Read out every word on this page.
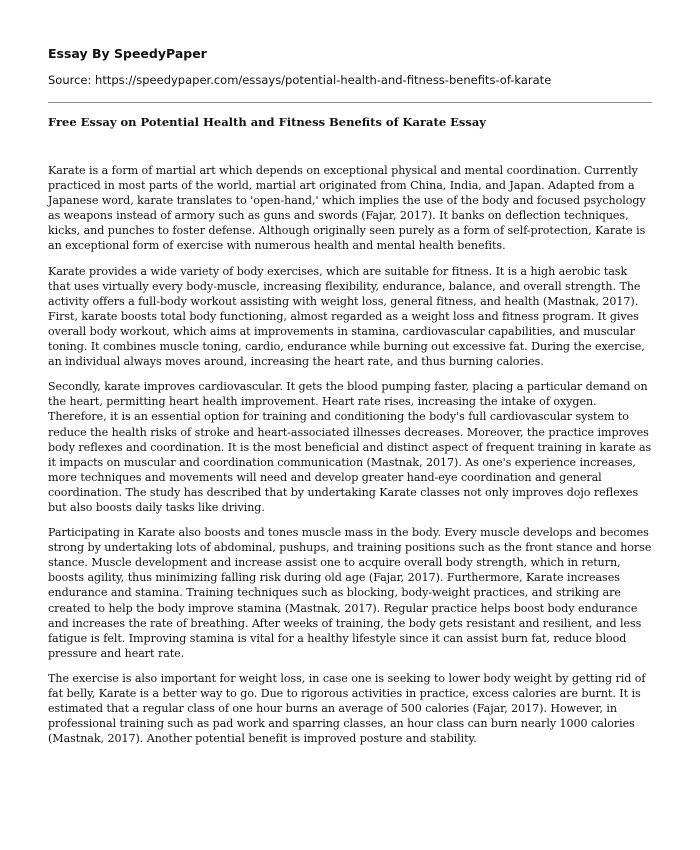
Essay By SpeedyPaper

Source: https://speedypaper.com/essays/potential-health-and-fitness-benefits-of-karate

Free Essay on Potential Health and Fitness Benefits of Karate Essay

Karate is a form of martial art which depends on exceptional physical and mental coordination. Currently practiced in most parts of the world, martial art originated from China, India, and Japan. Adapted from a Japanese word, karate translates to 'open-hand,' which implies the use of the body and focused psychology as weapons instead of armory such as guns and swords (Fajar, 2017). It banks on deflection techniques, kicks, and punches to foster defense. Although originally seen purely as a form of self-protection, Karate is an exceptional form of exercise with numerous health and mental health benefits.

Karate provides a wide variety of body exercises, which are suitable for fitness. It is a high aerobic task that uses virtually every body-muscle, increasing flexibility, endurance, balance, and overall strength. The activity offers a full-body workout assisting with weight loss, general fitness, and health (Mastnak, 2017). First, karate boosts total body functioning, almost regarded as a weight loss and fitness program. It gives overall body workout, which aims at improvements in stamina, cardiovascular capabilities, and muscular toning. It combines muscle toning, cardio, endurance while burning out excessive fat. During the exercise, an individual always moves around, increasing the heart rate, and thus burning calories.

Secondly, karate improves cardiovascular. It gets the blood pumping faster, placing a particular demand on the heart, permitting heart health improvement. Heart rate rises, increasing the intake of oxygen. Therefore, it is an essential option for training and conditioning the body's full cardiovascular system to reduce the health risks of stroke and heart-associated illnesses decreases. Moreover, the practice improves body reflexes and coordination. It is the most beneficial and distinct aspect of frequent training in karate as it impacts on muscular and coordination communication (Mastnak, 2017). As one's experience increases, more techniques and movements will need and develop greater hand-eye coordination and general coordination. The study has described that by undertaking Karate classes not only improves dojo reflexes but also boosts daily tasks like driving.

Participating in Karate also boosts and tones muscle mass in the body. Every muscle develops and becomes strong by undertaking lots of abdominal, pushups, and training positions such as the front stance and horse stance. Muscle development and increase assist one to acquire overall body strength, which in return, boosts agility, thus minimizing falling risk during old age (Fajar, 2017). Furthermore, Karate increases endurance and stamina. Training techniques such as blocking, body-weight practices, and striking are created to help the body improve stamina (Mastnak, 2017). Regular practice helps boost body endurance and increases the rate of breathing. After weeks of training, the body gets resistant and resilient, and less fatigue is felt. Improving stamina is vital for a healthy lifestyle since it can assist burn fat, reduce blood pressure and heart rate.

The exercise is also important for weight loss, in case one is seeking to lower body weight by getting rid of fat belly, Karate is a better way to go. Due to rigorous activities in practice, excess calories are burnt. It is estimated that a regular class of one hour burns an average of 500 calories (Fajar, 2017). However, in professional training such as pad work and sparring classes, an hour class can burn nearly 1000 calories (Mastnak, 2017). Another potential benefit is improved posture and stability.
